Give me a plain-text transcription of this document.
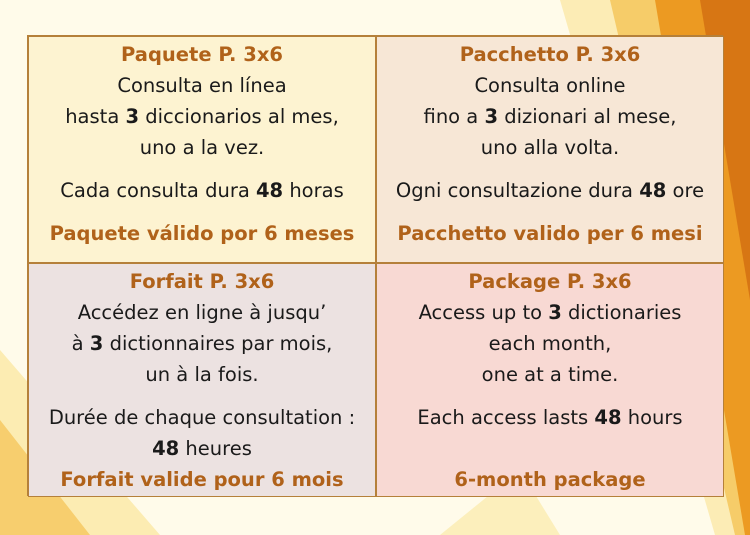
Paquete P. 3x6
Consulta en línea
hasta 3 diccionarios al mes,
uno a la vez.
Cada consulta dura 48 horas
Paquete válido por 6 meses
Pacchetto P. 3x6
Consulta online
fino a 3 dizionari al mese,
uno alla volta.
Ogni consultazione dura 48 ore
Pacchetto valido per 6 mesi
Forfait P. 3x6
Accédez en ligne à jusqu’
à 3 dictionnaires par mois,
un à la fois.
Durée de chaque consultation :
48 heures
Forfait valide pour 6 mois
Package P. 3x6
Access up to 3 dictionaries
each month,
one at a time.
Each access lasts 48 hours
6-month package
